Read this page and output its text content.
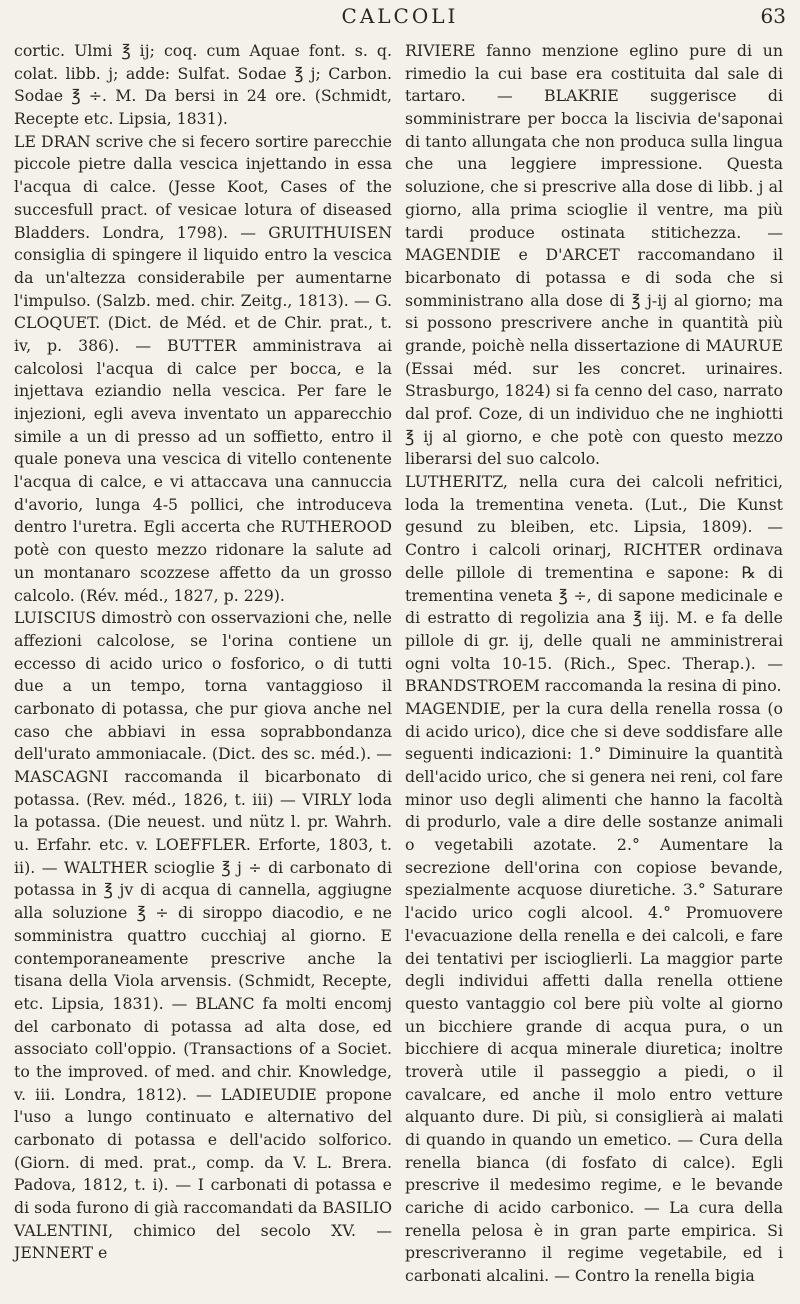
CALCOLI	63

cortic. Ulmi ℥ ij; coq. cum Aquae font. s. q. colat. libb. j; adde: Sulfat. Sodae ℥ j; Carbon. Sodae ℥ ÷. M. Da bersi in 24 ore. (Schmidt, Recepte etc. Lipsia, 1831).

LE DRAN scrive che si fecero sortire parecchie piccole pietre dalla vescica injettando in essa l'acqua di calce. (Jesse Koot, Cases of the succesfull pract. of vesicae lotura of diseased Bladders. Londra, 1798). — GRUITHUISEN consiglia di spingere il liquido entro la vescica da un'altezza considerabile per aumentarne l'impulso. (Salzb. med. chir. Zeitg., 1813). — G. CLOQUET. (Dict. de Méd. et de Chir. prat., t. iv, p. 386). — BUTTER amministrava ai calcolosi l'acqua di calce per bocca, e la injettava eziandio nella vescica. Per fare le injezioni, egli aveva inventato un apparecchio simile a un di presso ad un soffietto, entro il quale poneva una vescica di vitello contenente l'acqua di calce, e vi attaccava una cannuccia d'avorio, lunga 4-5 pollici, che introduceva dentro l'uretra. Egli accerta che RUTHEROOD potè con questo mezzo ridonare la salute ad un montanaro scozzese affetto da un grosso calcolo. (Rév. méd., 1827, p. 229).

LUISCIUS dimostrò con osservazioni che, nelle affezioni calcolose, se l'orina contiene un eccesso di acido urico o fosforico, o di tutti due a un tempo, torna vantaggioso il carbonato di potassa, che pur giova anche nel caso che abbiavi in essa soprabbondanza dell'urato ammoniacale. (Dict. des sc. méd.). — MASCAGNI raccomanda il bicarbonato di potassa. (Rev. méd., 1826, t. iii) — VIRLY loda la potassa. (Die neuest. und nütz l. pr. Wahrh. u. Erfahr. etc. v. LOEFFLER. Erforte, 1803, t. ii). — WALTHER scioglie ℥ j ÷ di carbonato di potassa in ℥ jv di acqua di cannella, aggiugne alla soluzione ℥ ÷ di siroppo diacodio, e ne somministra quattro cucchiaj al giorno. E contemporaneamente prescrive anche la tisana della Viola arvensis. (Schmidt, Recepte, etc. Lipsia, 1831). — BLANC fa molti encomj del carbonato di potassa ad alta dose, ed associato coll'oppio. (Transactions of a Societ. to the improved. of med. and chir. Knowledge, v. iii. Londra, 1812). — LADIEUDIE propone l'uso a lungo continuato e alternativo del carbonato di potassa e dell'acido solforico. (Giorn. di med. prat., comp. da V. L. Brera. Padova, 1812, t. i). — I carbonati di potassa e di soda furono di già raccomandati da BASILIO VALENTINI, chimico del secolo XV. — JENNERT e

RIVIERE fanno menzione eglino pure di un rimedio la cui base era costituita dal sale di tartaro. — BLAKRIE suggerisce di somministrare per bocca la liscivia de'saponai di tanto allungata che non produca sulla lingua che una leggiere impressione. Questa soluzione, che si prescrive alla dose di libb. j al giorno, alla prima scioglie il ventre, ma più tardi produce ostinata stitichezza. — MAGENDIE e D'ARCET raccomandano il bicarbonato di potassa e di soda che si somministrano alla dose di ℥ j-ij al giorno; ma si possono prescrivere anche in quantità più grande, poichè nella dissertazione di MAURUE (Essai méd. sur les concret. urinaires. Strasburgo, 1824) si fa cenno del caso, narrato dal prof. Coze, di un individuo che ne inghiotti ℥ ij al giorno, e che potè con questo mezzo liberarsi del suo calcolo.

LUTHERITZ, nella cura dei calcoli nefritici, loda la trementina veneta. (Lut., Die Kunst gesund zu bleiben, etc. Lipsia, 1809). — Contro i calcoli orinarj, RICHTER ordinava delle pillole di trementina e sapone: ℞ di trementina veneta ℥ ÷, di sapone medicinale e di estratto di regolizia ana ℥ iij. M. e fa delle pillole di gr. ij, delle quali ne amministrerai ogni volta 10-15. (Rich., Spec. Therap.). — BRANDSTROEM raccomanda la resina di pino.

MAGENDIE, per la cura della renella rossa (o di acido urico), dice che si deve soddisfare alle seguenti indicazioni: 1.° Diminuire la quantità dell'acido urico, che si genera nei reni, col fare minor uso degli alimenti che hanno la facoltà di produrlo, vale a dire delle sostanze animali o vegetabili azotate. 2.° Aumentare la secrezione dell'orina con copiose bevande, spezialmente acquose diuretiche. 3.° Saturare l'acido urico cogli alcool. 4.° Promuovere l'evacuazione della renella e dei calcoli, e fare dei tentativi per iscioglierli. La maggior parte degli individui affetti dalla renella ottiene questo vantaggio col bere più volte al giorno un bicchiere grande di acqua pura, o un bicchiere di acqua minerale diuretica; inoltre troverà utile il passeggio a piedi, o il cavalcare, ed anche il molo entro vetture alquanto dure. Di più, si consiglierà ai malati di quando in quando un emetico. — Cura della renella bianca (di fosfato di calce). Egli prescrive il medesimo regime, e le bevande cariche di acido carbonico. — La cura della renella pelosa è in gran parte empirica. Si prescriveranno il regime vegetabile, ed i carbonati alcalini. — Contro la renella bigia
